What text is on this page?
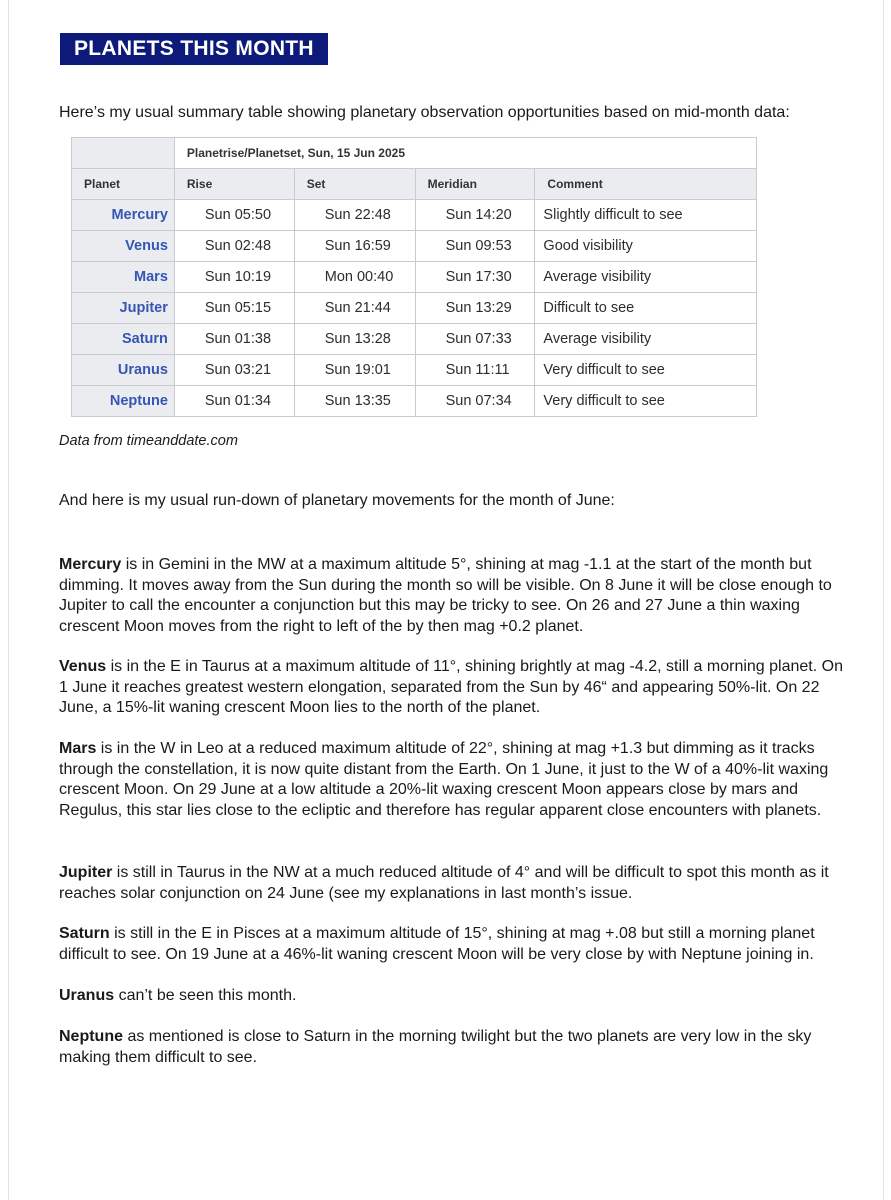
PLANETS THIS MONTH
Here’s my usual summary table showing planetary observation opportunities based on mid-month data:
	Planetrise/Planetset, Sun, 15 Jun 2025			
Planet	Rise	Set	Meridian	Comment
Mercury	Sun 05:50	Sun 22:48	Sun 14:20	Slightly difficult to see
Venus	Sun 02:48	Sun 16:59	Sun 09:53	Good visibility
Mars	Sun 10:19	Mon 00:40	Sun 17:30	Average visibility
Jupiter	Sun 05:15	Sun 21:44	Sun 13:29	Difficult to see
Saturn	Sun 01:38	Sun 13:28	Sun 07:33	Average visibility
Uranus	Sun 03:21	Sun 19:01	Sun 11:11	Very difficult to see
Neptune	Sun 01:34	Sun 13:35	Sun 07:34	Very difficult to see
Data from timeanddate.com
And here is my usual run-down of planetary movements for the month of June:

Mercury is in Gemini in the MW at a maximum altitude 5°, shining at mag -1.1 at the start of the month but dimming. It moves away from the Sun during the month so will be visible. On 8 June it will be close enough to Jupiter to call the encounter a conjunction but this may be tricky to see. On 26 and 27 June a thin waxing crescent Moon moves from the right to left of the by then mag +0.2 planet.

Venus is in the E in Taurus at a maximum altitude of 11°, shining brightly at mag -4.2, still a morning planet. On 1 June it reaches greatest western elongation, separated from the Sun by 46“ and appearing 50%-lit. On 22 June, a 15%-lit waning crescent Moon lies to the north of the planet.

Mars is in the W in Leo at a reduced maximum altitude of 22°, shining at mag +1.3 but dimming as it tracks through the constellation, it is now quite distant from the Earth. On 1 June, it just to the W of a 40%-lit waxing crescent Moon. On 29 June at a low altitude a 20%-lit waxing crescent Moon appears close by mars and Regulus, this star lies close to the ecliptic and therefore has regular apparent close encounters with planets.

Jupiter is still in Taurus in the NW at a much reduced altitude of 4° and will be difficult to spot this month as it reaches solar conjunction on 24 June (see my explanations in last month’s issue.

Saturn is still in the E in Pisces at a maximum altitude of 15°, shining at mag +.08 but still a morning planet difficult to see. On 19 June at a 46%-lit waning crescent Moon will be very close by with Neptune joining in.

Uranus can’t be seen this month.

Neptune as mentioned is close to Saturn in the morning twilight but the two planets are very low in the sky making them difficult to see.
